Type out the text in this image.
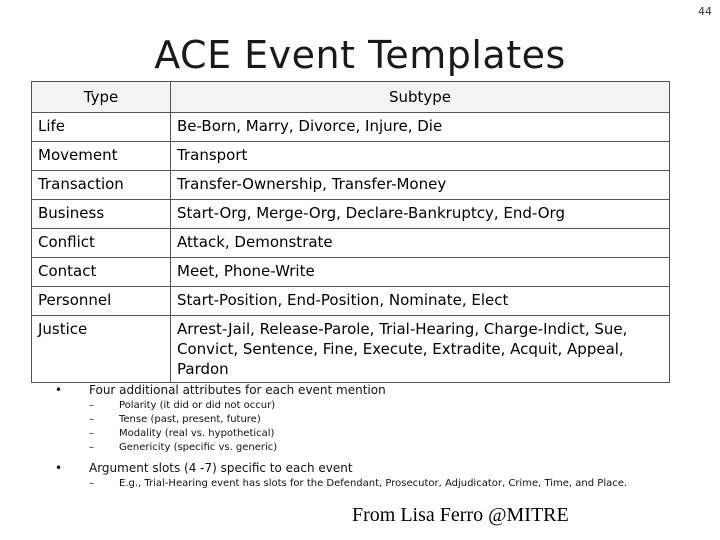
44
ACE Event Templates
Type	Subtype
Life	Be-Born, Marry, Divorce, Injure, Die
Movement	Transport
Transaction	Transfer-Ownership, Transfer-Money
Business	Start-Org, Merge-Org, Declare-Bankruptcy, End-Org
Conflict	Attack, Demonstrate
Contact	Meet, Phone-Write
Personnel	Start-Position, End-Position, Nominate, Elect
Justice	Arrest-Jail, Release-Parole, Trial-Hearing, Charge-Indict, Sue, Convict, Sentence, Fine, Execute, Extradite, Acquit, Appeal, Pardon
•	Four additional attributes for each event mention
–	Polarity (it did or did not occur)
–	Tense (past, present, future)
–	Modality (real vs. hypothetical)
–	Genericity (specific vs. generic)
•	Argument slots (4 -7) specific to each event
–	E.g., Trial-Hearing event has slots for the Defendant, Prosecutor, Adjudicator, Crime, Time, and Place.
From Lisa Ferro @MITRE
